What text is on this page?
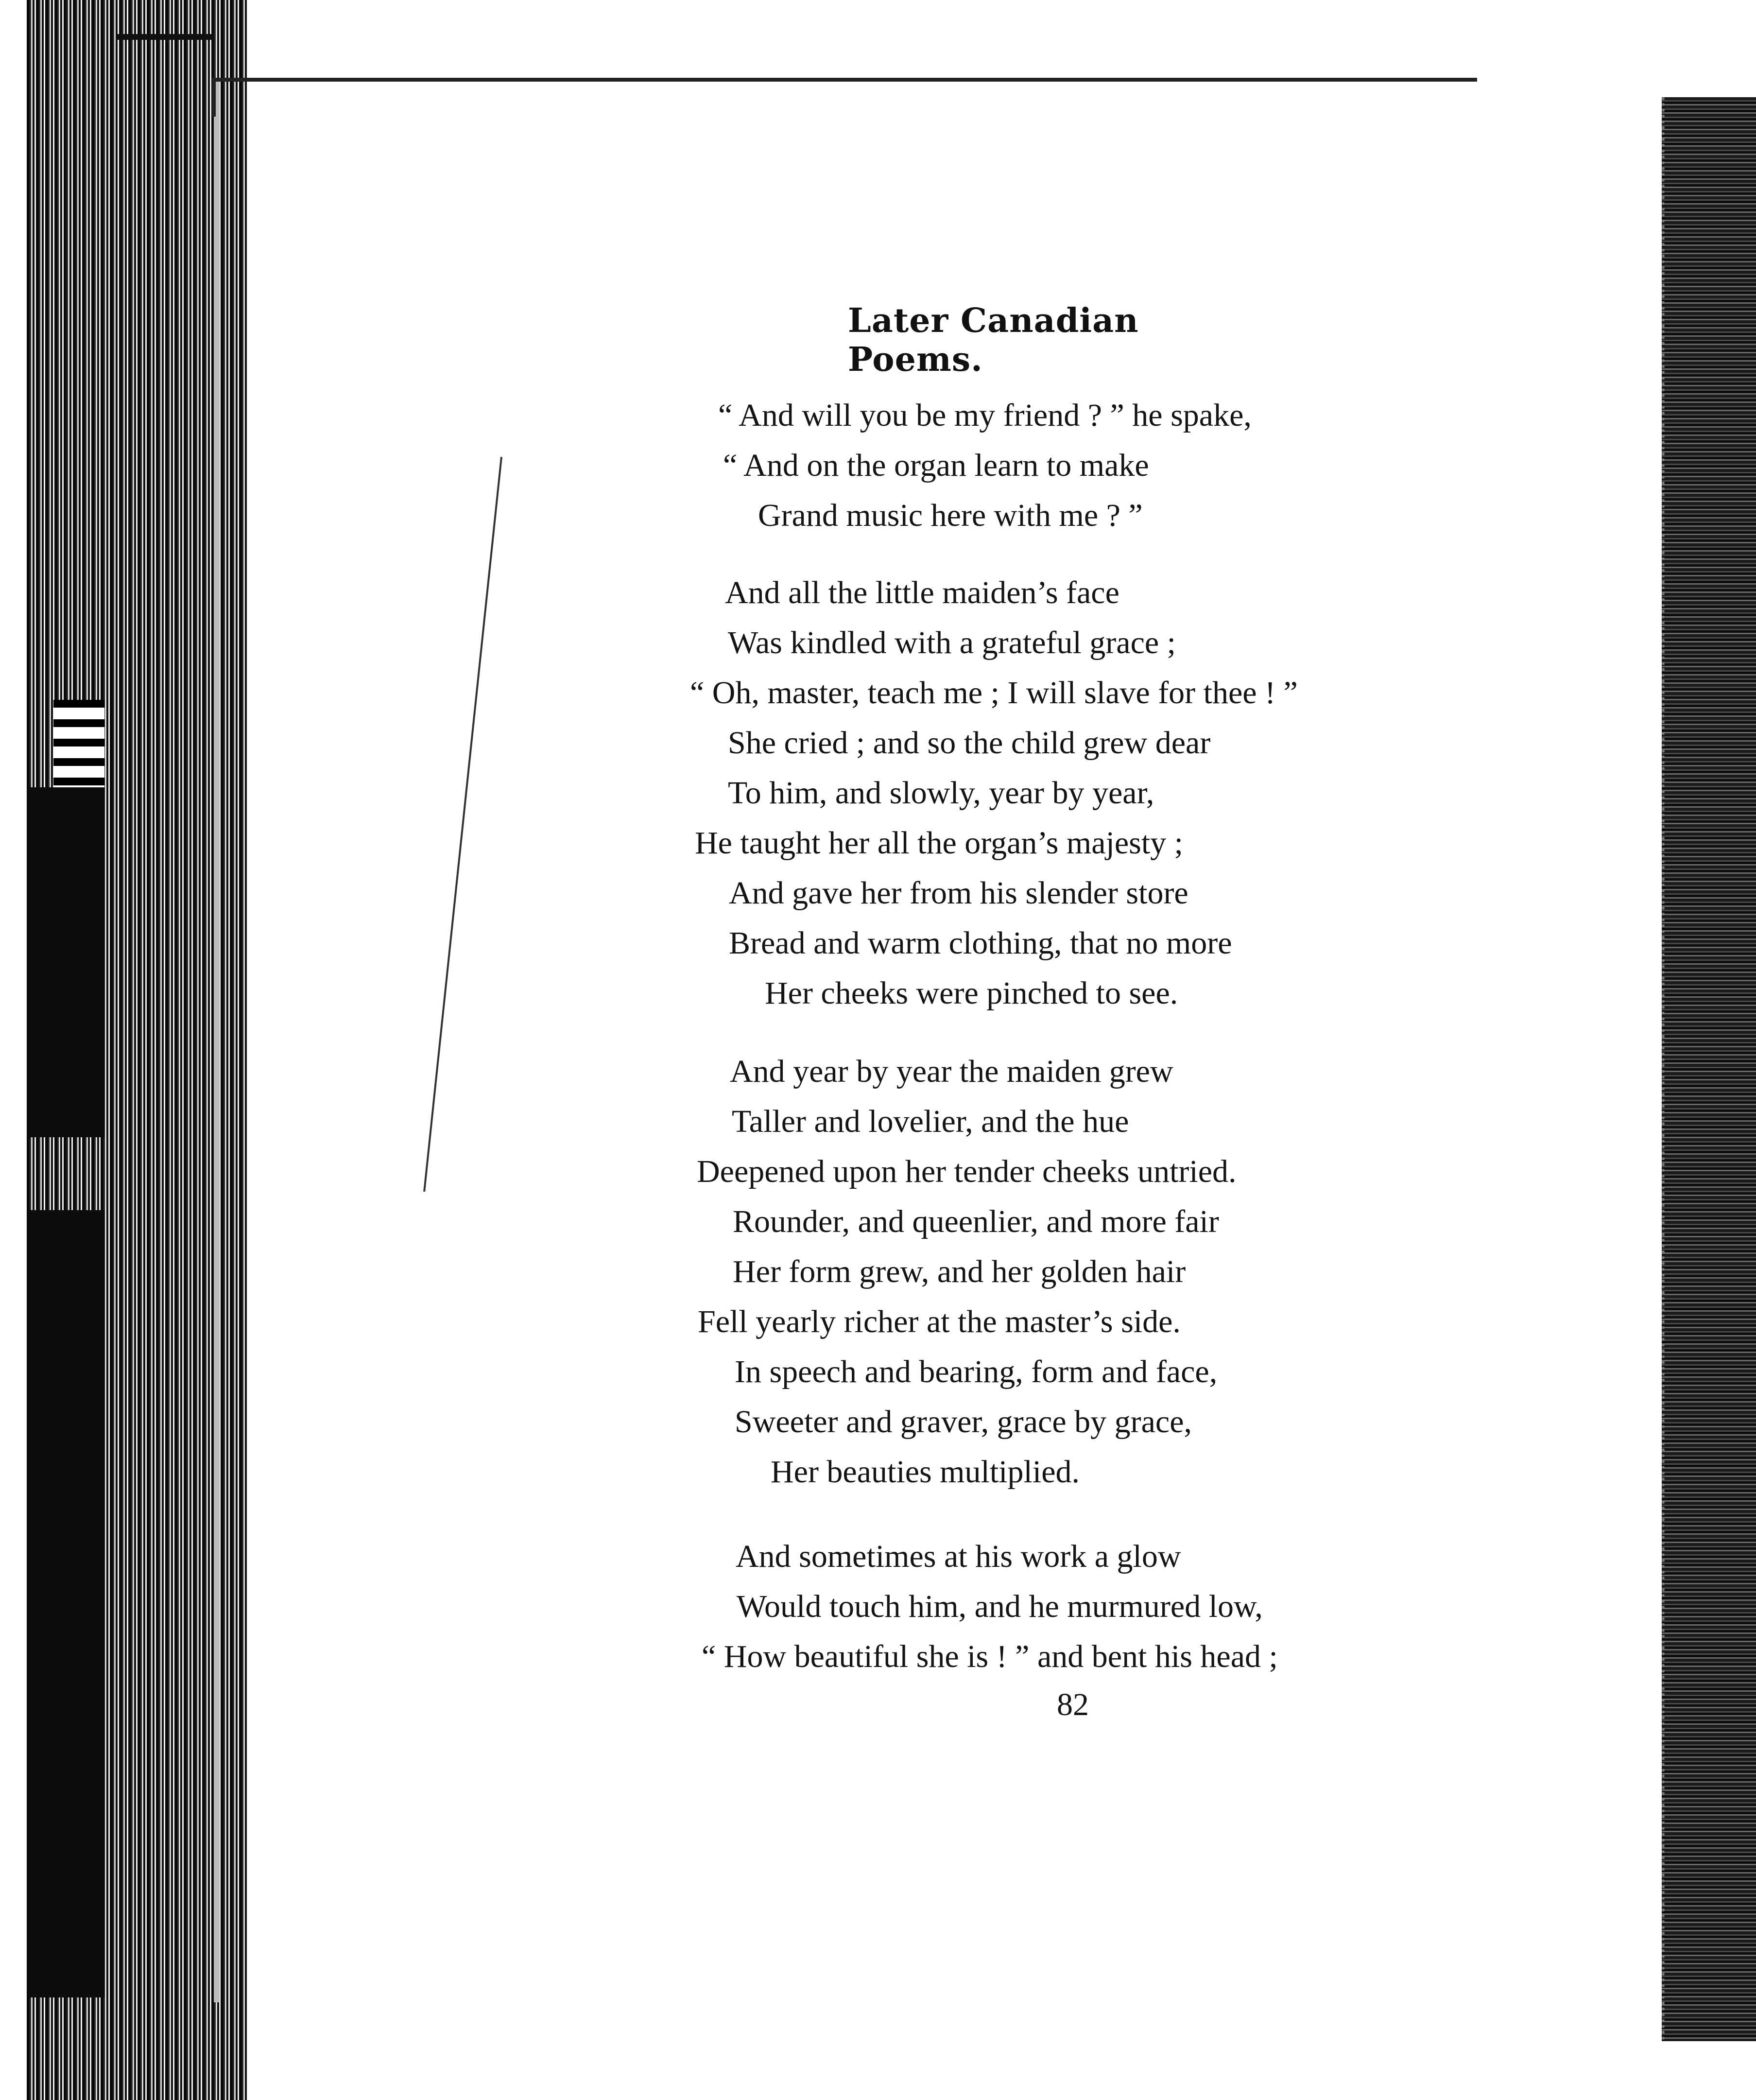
Later Canadian Poems.
“ And will you be my friend ? ” he spake,
“ And on the organ learn to make
Grand music here with me ? ”
And all the little maiden’s face
Was kindled with a grateful grace ;
“ Oh, master, teach me ; I will slave for thee ! ”
She cried ; and so the child grew dear
To him, and slowly, year by year,
He taught her all the organ’s majesty ;
And gave her from his slender store
Bread and warm clothing, that no more
Her cheeks were pinched to see.
And year by year the maiden grew
Taller and lovelier, and the hue
Deepened upon her tender cheeks untried.
Rounder, and queenlier, and more fair
Her form grew, and her golden hair
Fell yearly richer at the master’s side.
In speech and bearing, form and face,
Sweeter and graver, grace by grace,
Her beauties multiplied.
And sometimes at his work a glow
Would touch him, and he murmured low,
“ How beautiful she is ! ” and bent his head ;
82
